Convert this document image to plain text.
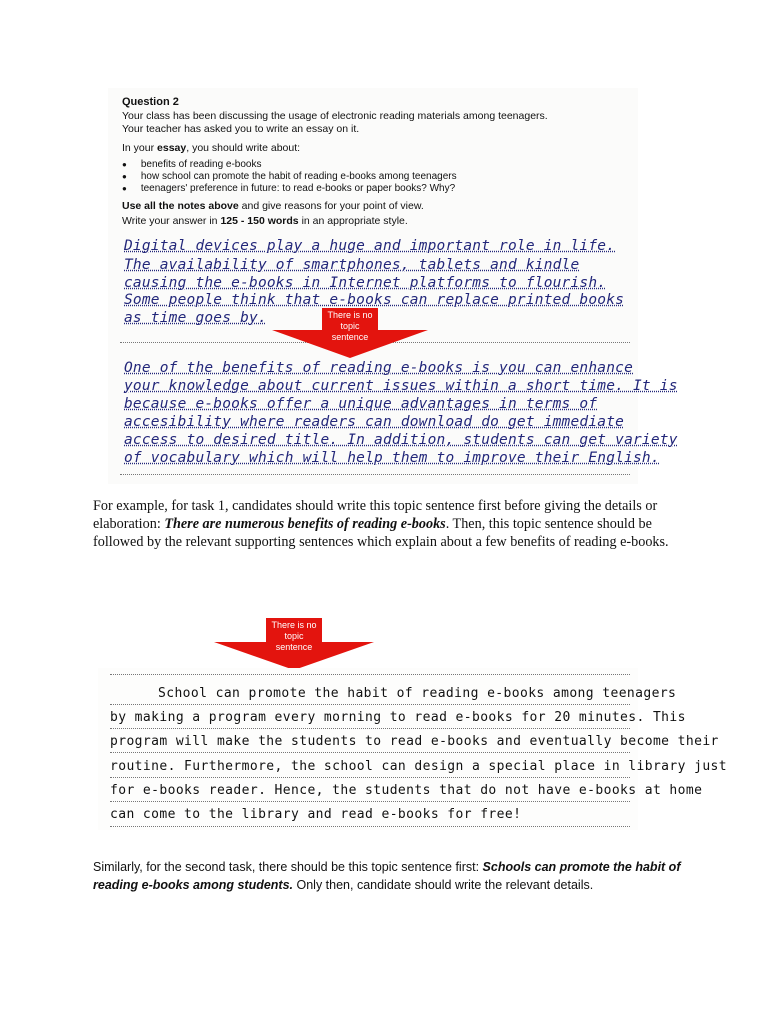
Question 2
Your class has been discussing the usage of electronic reading materials among teenagers.
Your teacher has asked you to write an essay on it.
In your essay, you should write about:
● benefits of reading e-books
● how school can promote the habit of reading e-books among teenagers
● teenagers' preference in future: to read e-books or paper books? Why?
Use all the notes above and give reasons for your point of view.
Write your answer in 125 - 150 words in an appropriate style.
Digital devices play a huge and important role in life.
The availability of smartphones, tablets and kindle
causing the e-books in Internet platforms to flourish.
Some people think that e-books can replace printed books
as time goes by.
One of the benefits of reading e-books is you can enhance
your knowledge about current issues within a short time. It is
because e-books offer a unique advantages in terms of
accesibility where readers can download do get immediate
access to desired title. In addition, students can get variety
of vocabulary which will help them to improve their English.
There is no
topic
sentence
For example, for task 1, candidates should write this topic sentence first before giving the details or elaboration: There are numerous benefits of reading e-books. Then, this topic sentence should be followed by the relevant supporting sentences which explain about a few benefits of reading e-books.
There is no
topic
sentence
School can promote the habit of reading e-books among teenagers
by making a program every morning to read e-books for 20 minutes. This
program will make the students to read e-books and eventually become their
routine. Furthermore, the school can design a special place in library just
for e-books reader. Hence, the students that do not have e-books at home
can come to the library and read e-books for free!
Similarly, for the second task, there should be this topic sentence first: Schools can promote the habit of reading e-books among students. Only then, candidate should write the relevant details.
